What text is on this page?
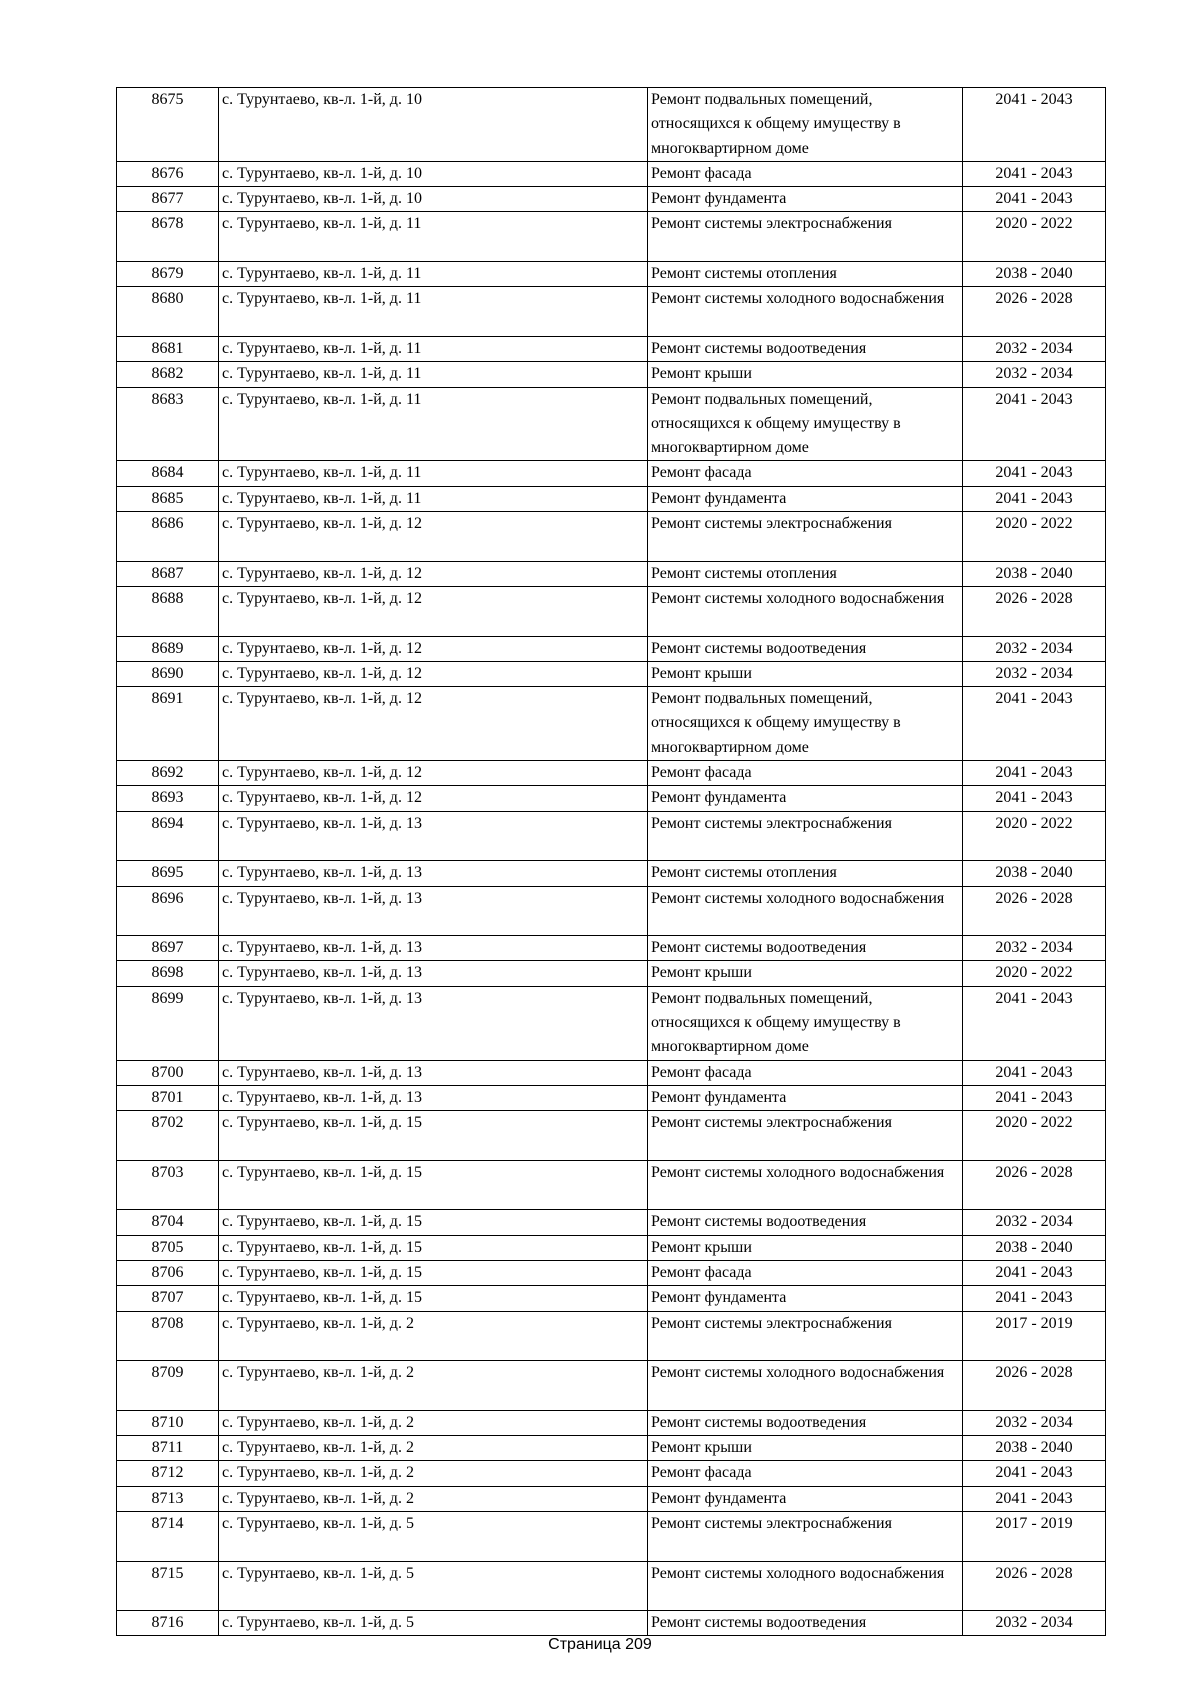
8675	с. Турунтаево, кв-л. 1-й, д. 10	Ремонт подвальных помещений, относящихся к общему имуществу в многоквартирном доме	2041 - 2043
8676	с. Турунтаево, кв-л. 1-й, д. 10	Ремонт фасада	2041 - 2043
8677	с. Турунтаево, кв-л. 1-й, д. 10	Ремонт фундамента	2041 - 2043
8678	с. Турунтаево, кв-л. 1-й, д. 11	Ремонт системы электроснабжения	2020 - 2022
8679	с. Турунтаево, кв-л. 1-й, д. 11	Ремонт системы отопления	2038 - 2040
8680	с. Турунтаево, кв-л. 1-й, д. 11	Ремонт системы холодного водоснабжения	2026 - 2028
8681	с. Турунтаево, кв-л. 1-й, д. 11	Ремонт системы водоотведения	2032 - 2034
8682	с. Турунтаево, кв-л. 1-й, д. 11	Ремонт крыши	2032 - 2034
8683	с. Турунтаево, кв-л. 1-й, д. 11	Ремонт подвальных помещений, относящихся к общему имуществу в многоквартирном доме	2041 - 2043
8684	с. Турунтаево, кв-л. 1-й, д. 11	Ремонт фасада	2041 - 2043
8685	с. Турунтаево, кв-л. 1-й, д. 11	Ремонт фундамента	2041 - 2043
8686	с. Турунтаево, кв-л. 1-й, д. 12	Ремонт системы электроснабжения	2020 - 2022
8687	с. Турунтаево, кв-л. 1-й, д. 12	Ремонт системы отопления	2038 - 2040
8688	с. Турунтаево, кв-л. 1-й, д. 12	Ремонт системы холодного водоснабжения	2026 - 2028
8689	с. Турунтаево, кв-л. 1-й, д. 12	Ремонт системы водоотведения	2032 - 2034
8690	с. Турунтаево, кв-л. 1-й, д. 12	Ремонт крыши	2032 - 2034
8691	с. Турунтаево, кв-л. 1-й, д. 12	Ремонт подвальных помещений, относящихся к общему имуществу в многоквартирном доме	2041 - 2043
8692	с. Турунтаево, кв-л. 1-й, д. 12	Ремонт фасада	2041 - 2043
8693	с. Турунтаево, кв-л. 1-й, д. 12	Ремонт фундамента	2041 - 2043
8694	с. Турунтаево, кв-л. 1-й, д. 13	Ремонт системы электроснабжения	2020 - 2022
8695	с. Турунтаево, кв-л. 1-й, д. 13	Ремонт системы отопления	2038 - 2040
8696	с. Турунтаево, кв-л. 1-й, д. 13	Ремонт системы холодного водоснабжения	2026 - 2028
8697	с. Турунтаево, кв-л. 1-й, д. 13	Ремонт системы водоотведения	2032 - 2034
8698	с. Турунтаево, кв-л. 1-й, д. 13	Ремонт крыши	2020 - 2022
8699	с. Турунтаево, кв-л. 1-й, д. 13	Ремонт подвальных помещений, относящихся к общему имуществу в многоквартирном доме	2041 - 2043
8700	с. Турунтаево, кв-л. 1-й, д. 13	Ремонт фасада	2041 - 2043
8701	с. Турунтаево, кв-л. 1-й, д. 13	Ремонт фундамента	2041 - 2043
8702	с. Турунтаево, кв-л. 1-й, д. 15	Ремонт системы электроснабжения	2020 - 2022
8703	с. Турунтаево, кв-л. 1-й, д. 15	Ремонт системы холодного водоснабжения	2026 - 2028
8704	с. Турунтаево, кв-л. 1-й, д. 15	Ремонт системы водоотведения	2032 - 2034
8705	с. Турунтаево, кв-л. 1-й, д. 15	Ремонт крыши	2038 - 2040
8706	с. Турунтаево, кв-л. 1-й, д. 15	Ремонт фасада	2041 - 2043
8707	с. Турунтаево, кв-л. 1-й, д. 15	Ремонт фундамента	2041 - 2043
8708	с. Турунтаево, кв-л. 1-й, д. 2	Ремонт системы электроснабжения	2017 - 2019
8709	с. Турунтаево, кв-л. 1-й, д. 2	Ремонт системы холодного водоснабжения	2026 - 2028
8710	с. Турунтаево, кв-л. 1-й, д. 2	Ремонт системы водоотведения	2032 - 2034
8711	с. Турунтаево, кв-л. 1-й, д. 2	Ремонт крыши	2038 - 2040
8712	с. Турунтаево, кв-л. 1-й, д. 2	Ремонт фасада	2041 - 2043
8713	с. Турунтаево, кв-л. 1-й, д. 2	Ремонт фундамента	2041 - 2043
8714	с. Турунтаево, кв-л. 1-й, д. 5	Ремонт системы электроснабжения	2017 - 2019
8715	с. Турунтаево, кв-л. 1-й, д. 5	Ремонт системы холодного водоснабжения	2026 - 2028
8716	с. Турунтаево, кв-л. 1-й, д. 5	Ремонт системы водоотведения	2032 - 2034
Страница 209
